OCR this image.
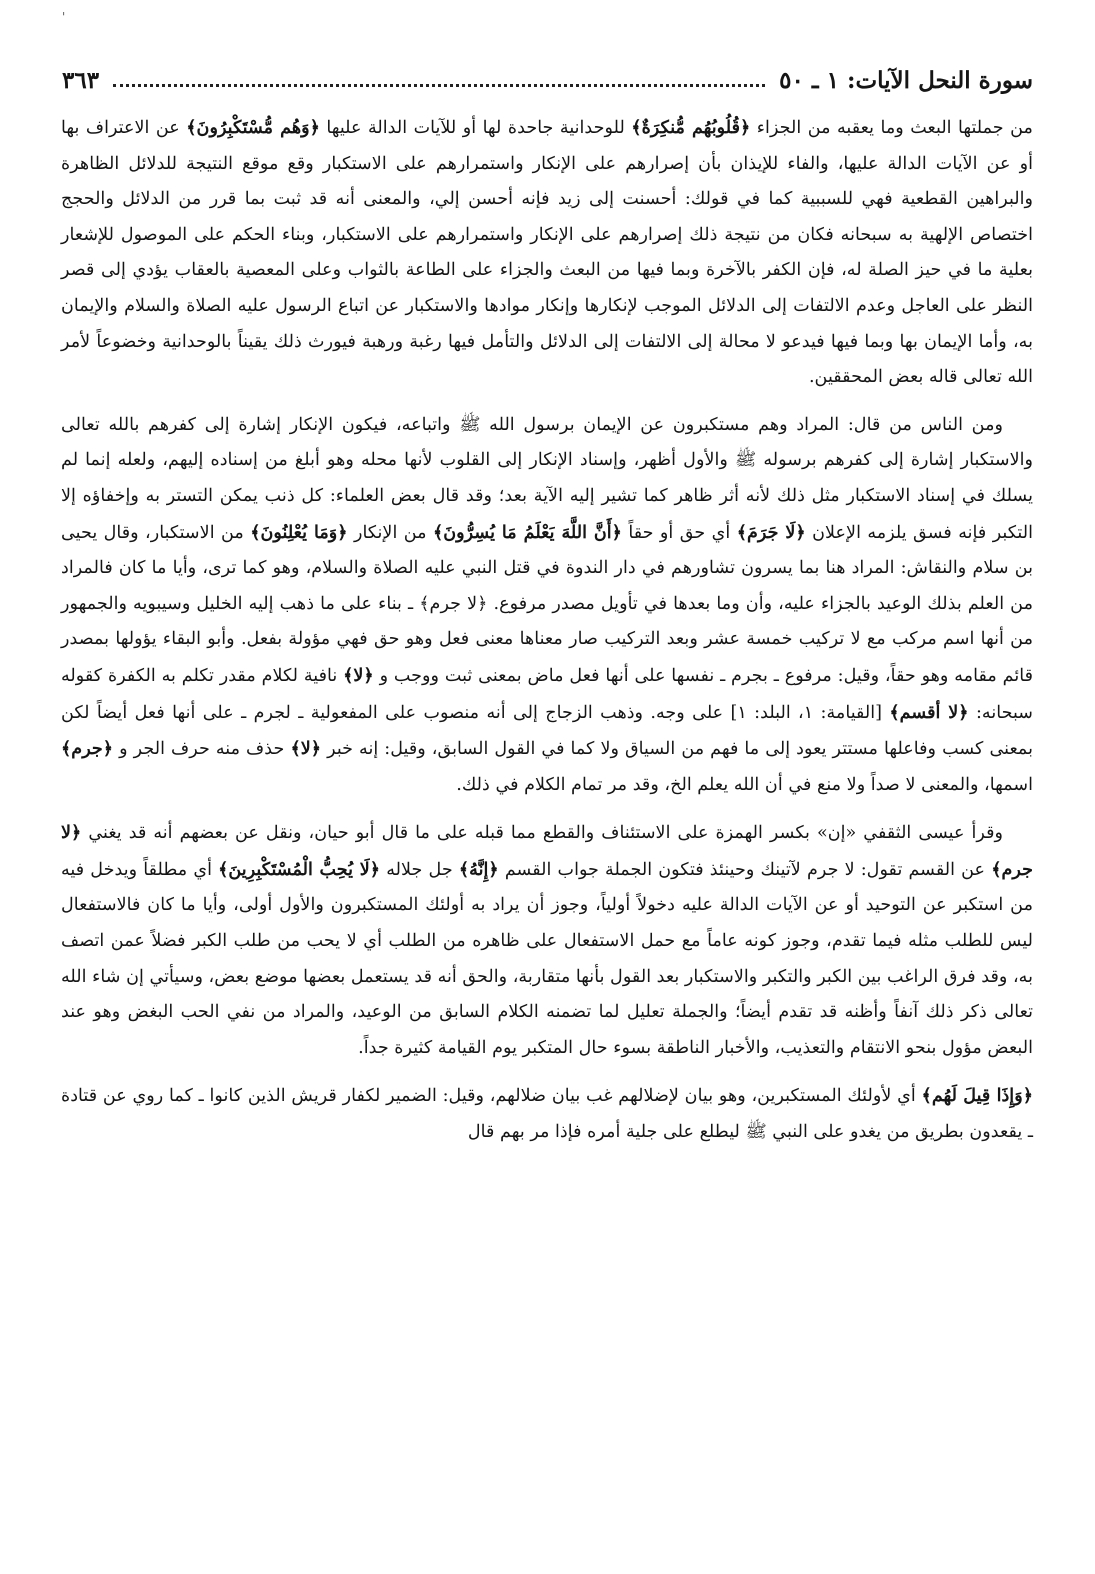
'
سورة النحل الآيات: ١ ـ ٥٠
٣٦٣

من جملتها البعث وما يعقبه من الجزاء ﴿قُلُوبُهُم مُّنكِرَةٌ﴾ للوحدانية جاحدة لها أو للآيات الدالة عليها ﴿وَهُم مُّسْتَكْبِرُونَ﴾ عن الاعتراف بها أو عن الآيات الدالة عليها، والفاء للإيذان بأن إصرارهم على الإنكار واستمرارهم على الاستكبار وقع موقع النتيجة للدلائل الظاهرة والبراهين القطعية فهي للسببية كما في قولك: أحسنت إلى زيد فإنه أحسن إلي، والمعنى أنه قد ثبت بما قرر من الدلائل والحجج اختصاص الإلهية به سبحانه فكان من نتيجة ذلك إصرارهم على الإنكار واستمرارهم على الاستكبار، وبناء الحكم على الموصول للإشعار بعلية ما في حيز الصلة له، فإن الكفر بالآخرة وبما فيها من البعث والجزاء على الطاعة بالثواب وعلى المعصية بالعقاب يؤدي إلى قصر النظر على العاجل وعدم الالتفات إلى الدلائل الموجب لإنكارها وإنكار موادها والاستكبار عن اتباع الرسول عليه الصلاة والسلام والإيمان به، وأما الإيمان بها وبما فيها فيدعو لا محالة إلى الالتفات إلى الدلائل والتأمل فيها رغبة ورهبة فيورث ذلك يقيناً بالوحدانية وخضوعاً لأمر الله تعالى قاله بعض المحققين.

ومن الناس من قال: المراد وهم مستكبرون عن الإيمان برسول الله ﷺ واتباعه، فيكون الإنكار إشارة إلى كفرهم بالله تعالى والاستكبار إشارة إلى كفرهم برسوله ﷺ والأول أظهر، وإسناد الإنكار إلى القلوب لأنها محله وهو أبلغ من إسناده إليهم، ولعله إنما لم يسلك في إسناد الاستكبار مثل ذلك لأنه أثر ظاهر كما تشير إليه الآية بعد؛ وقد قال بعض العلماء: كل ذنب يمكن التستر به وإخفاؤه إلا التكبر فإنه فسق يلزمه الإعلان ﴿لَا جَرَمَ﴾ أي حق أو حقاً ﴿أَنَّ اللَّهَ يَعْلَمُ مَا يُسِرُّونَ﴾ من الإنكار ﴿وَمَا يُعْلِنُونَ﴾ من الاستكبار، وقال يحيى بن سلام والنقاش: المراد هنا بما يسرون تشاورهم في دار الندوة في قتل النبي عليه الصلاة والسلام، وهو كما ترى، وأيا ما كان فالمراد من العلم بذلك الوعيد بالجزاء عليه، وأن وما بعدها في تأويل مصدر مرفوع. ﴿لا جرم﴾ ـ بناء على ما ذهب إليه الخليل وسيبويه والجمهور من أنها اسم مركب مع لا تركيب خمسة عشر وبعد التركيب صار معناها معنى فعل وهو حق فهي مؤولة بفعل. وأبو البقاء يؤولها بمصدر قائم مقامه وهو حقاً، وقيل: مرفوع ـ بجرم ـ نفسها على أنها فعل ماض بمعنى ثبت ووجب و ﴿لا﴾ نافية لكلام مقدر تكلم به الكفرة كقوله سبحانه: ﴿لا أقسم﴾ [القيامة: ١، البلد: ١] على وجه. وذهب الزجاج إلى أنه منصوب على المفعولية ـ لجرم ـ على أنها فعل أيضاً لكن بمعنى كسب وفاعلها مستتر يعود إلى ما فهم من السياق ولا كما في القول السابق، وقيل: إنه خبر ﴿لا﴾ حذف منه حرف الجر و ﴿جرم﴾ اسمها، والمعنى لا صداً ولا منع في أن الله يعلم الخ، وقد مر تمام الكلام في ذلك.

وقرأ عيسى الثقفي «إن» بكسر الهمزة على الاستئناف والقطع مما قبله على ما قال أبو حيان، ونقل عن بعضهم أنه قد يغني ﴿لا جرم﴾ عن القسم تقول: لا جرم لآتينك وحينئذ فتكون الجملة جواب القسم ﴿إِنَّهُ﴾ جل جلاله ﴿لَا يُحِبُّ الْمُسْتَكْبِرِينَ﴾ أي مطلقاً ويدخل فيه من استكبر عن التوحيد أو عن الآيات الدالة عليه دخولاً أولياً، وجوز أن يراد به أولئك المستكبرون والأول أولى، وأيا ما كان فالاستفعال ليس للطلب مثله فيما تقدم، وجوز كونه عاماً مع حمل الاستفعال على ظاهره من الطلب أي لا يحب من طلب الكبر فضلاً عمن اتصف به، وقد فرق الراغب بين الكبر والتكبر والاستكبار بعد القول بأنها متقاربة، والحق أنه قد يستعمل بعضها موضع بعض، وسيأتي إن شاء الله تعالى ذكر ذلك آنفاً وأظنه قد تقدم أيضاً؛ والجملة تعليل لما تضمنه الكلام السابق من الوعيد، والمراد من نفي الحب البغض وهو عند البعض مؤول بنحو الانتقام والتعذيب، والأخبار الناطقة بسوء حال المتكبر يوم القيامة كثيرة جداً.

﴿وَإِذَا قِيلَ لَهُم﴾ أي لأولئك المستكبرين، وهو بيان لإضلالهم غب بيان ضلالهم، وقيل: الضمير لكفار قريش الذين كانوا ـ كما روي عن قتادة ـ يقعدون بطريق من يغدو على النبي ﷺ ليطلع على جلية أمره فإذا مر بهم قال
